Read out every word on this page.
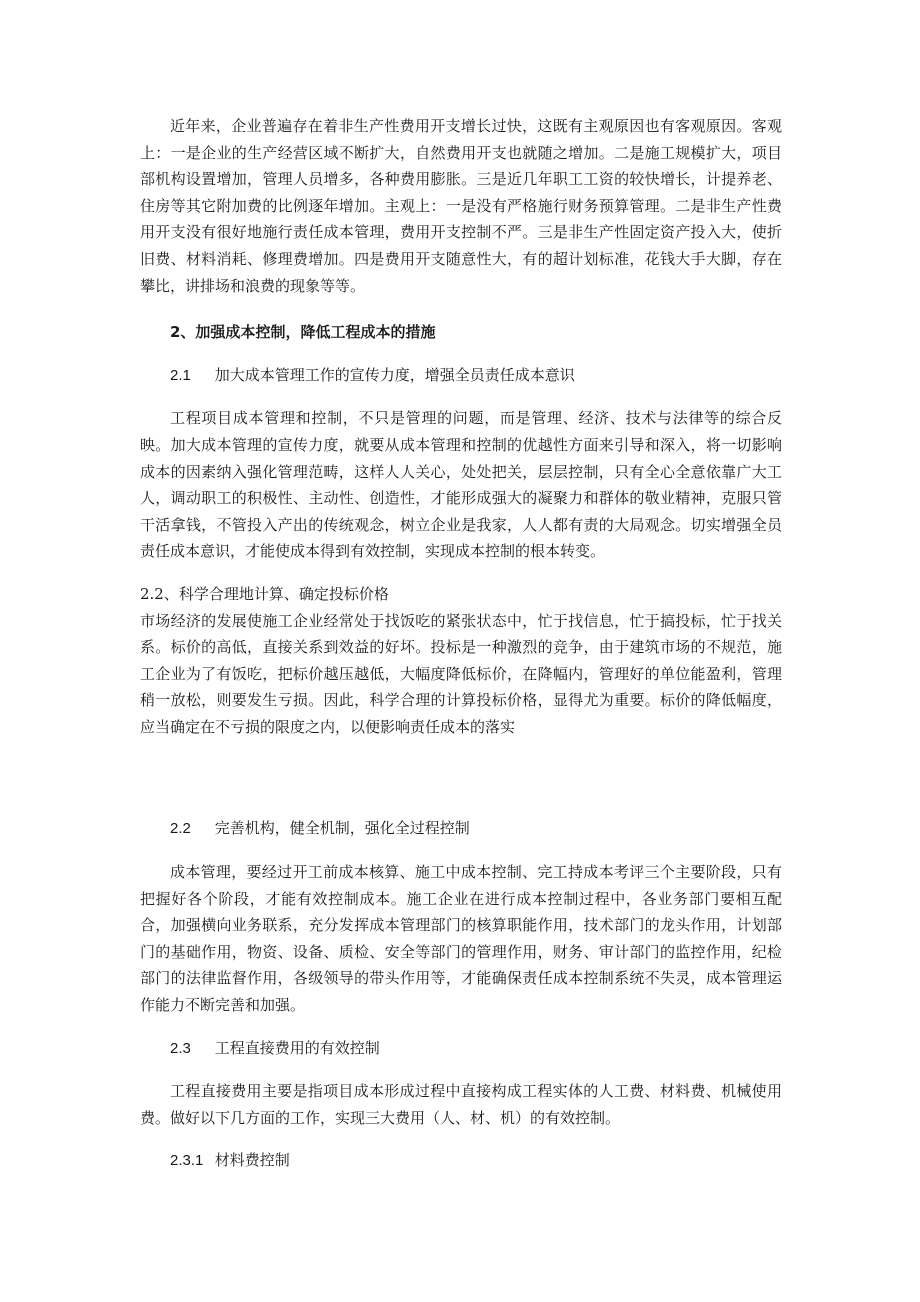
近年来，企业普遍存在着非生产性费用开支增长过快，这既有主观原因也有客观原因。客观上：一是企业的生产经营区域不断扩大，自然费用开支也就随之增加。二是施工规模扩大，项目部机构设置增加，管理人员增多，各种费用膨胀。三是近几年职工工资的较快增长，计提养老、住房等其它附加费的比例逐年增加。主观上：一是没有严格施行财务预算管理。二是非生产性费用开支没有很好地施行责任成本管理，费用开支控制不严。三是非生产性固定资产投入大，使折旧费、材料消耗、修理费增加。四是费用开支随意性大，有的超计划标准，花钱大手大脚，存在攀比，讲排场和浪费的现象等等。

2、加强成本控制，降低工程成本的措施

2.1 加大成本管理工作的宣传力度，增强全员责任成本意识

工程项目成本管理和控制，不只是管理的问题，而是管理、经济、技术与法律等的综合反映。加大成本管理的宣传力度，就要从成本管理和控制的优越性方面来引导和深入，将一切影响成本的因素纳入强化管理范畴，这样人人关心，处处把关，层层控制，只有全心全意依靠广大工人，调动职工的积极性、主动性、创造性，才能形成强大的凝聚力和群体的敬业精神，克服只管干活拿钱，不管投入产出的传统观念，树立企业是我家，人人都有责的大局观念。切实增强全员责任成本意识，才能使成本得到有效控制，实现成本控制的根本转变。

2.2、科学合理地计算、确定投标价格

市场经济的发展使施工企业经常处于找饭吃的紧张状态中，忙于找信息，忙于搞投标，忙于找关系。标价的高低，直接关系到效益的好坏。投标是一种激烈的竞争，由于建筑市场的不规范，施工企业为了有饭吃，把标价越压越低，大幅度降低标价，在降幅内，管理好的单位能盈利，管理稍一放松，则要发生亏损。因此，科学合理的计算投标价格，显得尤为重要。标价的降低幅度，应当确定在不亏损的限度之内，以便影响责任成本的落实

2.2 完善机构，健全机制，强化全过程控制

成本管理，要经过开工前成本核算、施工中成本控制、完工持成本考评三个主要阶段，只有把握好各个阶段，才能有效控制成本。施工企业在进行成本控制过程中，各业务部门要相互配合，加强横向业务联系，充分发挥成本管理部门的核算职能作用，技术部门的龙头作用，计划部门的基础作用，物资、设备、质检、安全等部门的管理作用，财务、审计部门的监控作用，纪检部门的法律监督作用，各级领导的带头作用等，才能确保责任成本控制系统不失灵，成本管理运作能力不断完善和加强。

2.3 工程直接费用的有效控制

工程直接费用主要是指项目成本形成过程中直接构成工程实体的人工费、材料费、机械使用费。做好以下几方面的工作，实现三大费用（人、材、机）的有效控制。

2.3.1 材料费控制
